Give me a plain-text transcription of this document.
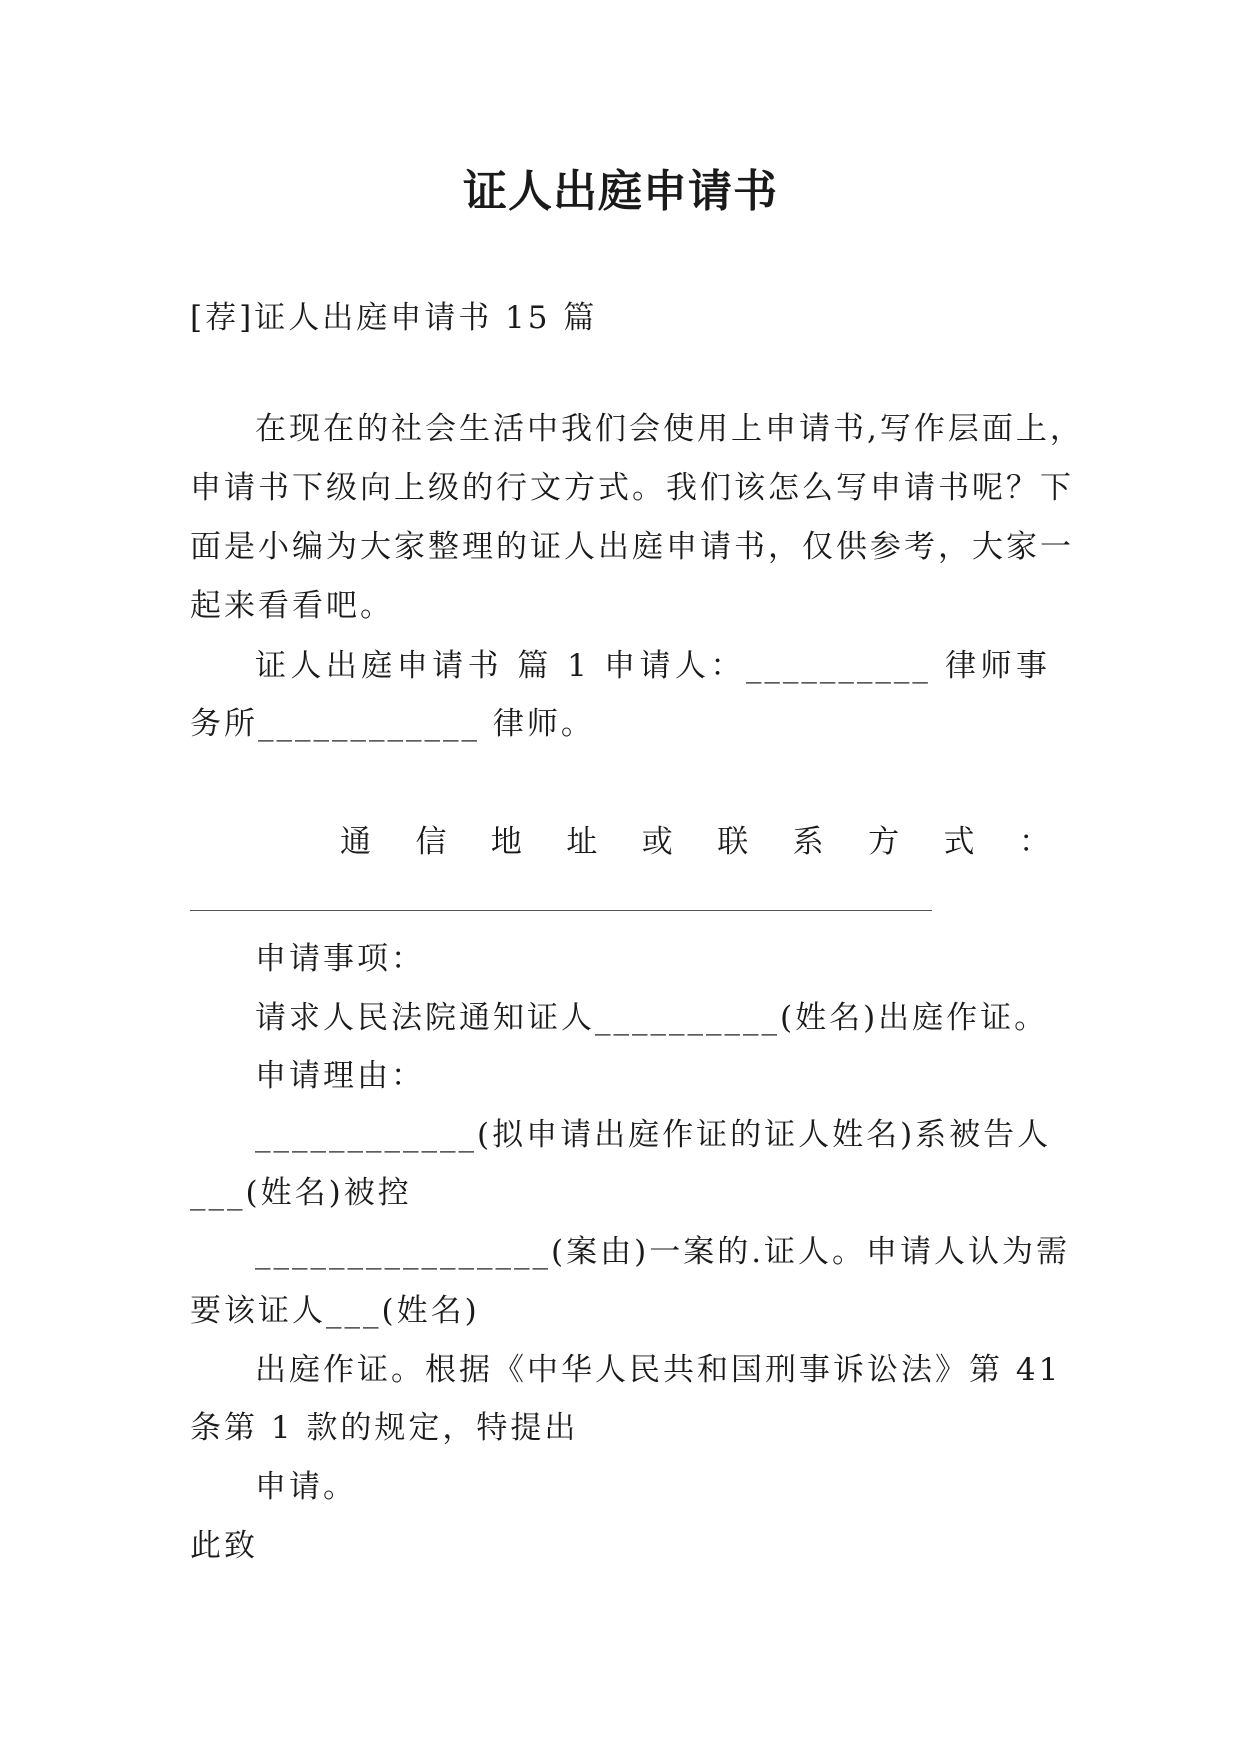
证人出庭申请书
[荐]证人出庭申请书 15 篇
在现在的社会生活中我们会使用上申请书,写作层面上，
申请书下级向上级的行文方式。我们该怎么写申请书呢？下
面是小编为大家整理的证人出庭申请书，仅供参考，大家一
起来看看吧。
证人出庭申请书 篇 1 申请人：__________ 律师事
务所____________ 律师。
通 信 地 址 或 联 系 方 式 ：
申请事项：
请求人民法院通知证人__________(姓名)出庭作证。
申请理由：
____________(拟申请出庭作证的证人姓名)系被告人
___(姓名)被控
________________(案由)一案的.证人。申请人认为需
要该证人___(姓名)
出庭作证。根据《中华人民共和国刑事诉讼法》第 41
条第 1 款的规定，特提出
申请。
此致
